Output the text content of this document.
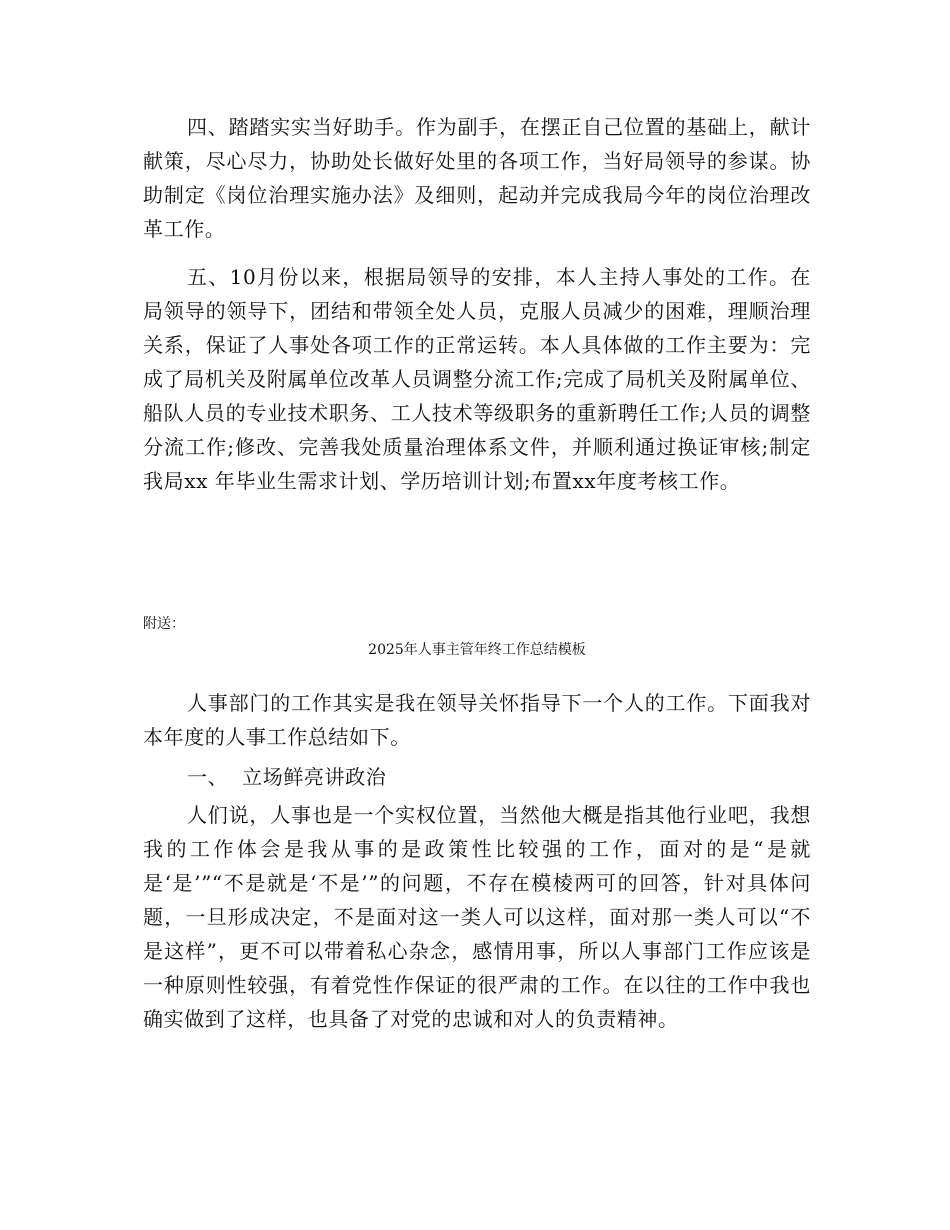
四、踏踏实实当好助手。作为副手，在摆正自己位置的基础上，献计献策，尽心尽力，协助处长做好处里的各项工作，当好局领导的参谋。协助制定《岗位治理实施办法》及细则，起动并完成我局今年的岗位治理改革工作。

五、10月份以来，根据局领导的安排，本人主持人事处的工作。在局领导的领导下，团结和带领全处人员，克服人员减少的困难，理顺治理关系，保证了人事处各项工作的正常运转。本人具体做的工作主要为：完成了局机关及附属单位改革人员调整分流工作;完成了局机关及附属单位、船队人员的专业技术职务、工人技术等级职务的重新聘任工作;人员的调整分流工作;修改、完善我处质量治理体系文件，并顺利通过换证审核;制定我局xx 年毕业生需求计划、学历培训计划;布置xx年度考核工作。

附送：

2025年人事主管年终工作总结模板

人事部门的工作其实是我在领导关怀指导下一个人的工作。下面我对本年度的人事工作总结如下。

一、  立场鲜亮讲政治

人们说，人事也是一个实权位置，当然他大概是指其他行业吧，我想我的工作体会是我从事的是政策性比较强的工作，面对的是“是就是‘是’”“不是就是‘不是’”的问题，不存在模棱两可的回答，针对具体问题，一旦形成决定，不是面对这一类人可以这样，面对那一类人可以“不是这样”，更不可以带着私心杂念，感情用事，所以人事部门工作应该是一种原则性较强，有着党性作保证的很严肃的工作。在以往的工作中我也确实做到了这样，也具备了对党的忠诚和对人的负责精神。
